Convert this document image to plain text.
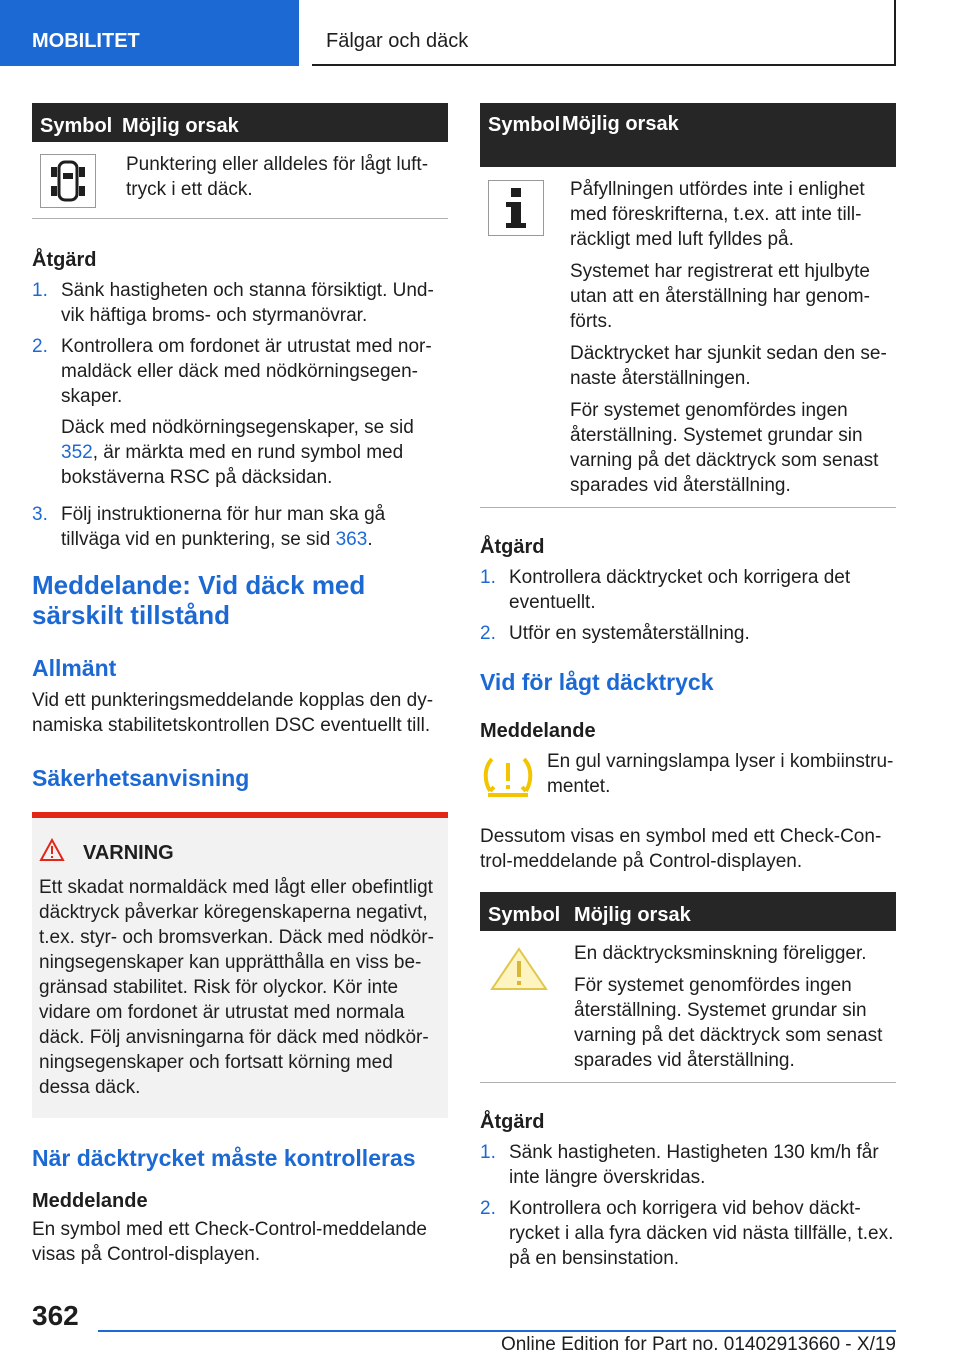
MOBILITET	Fälgar och däck
Symbol Möjlig orsak
Punktering eller alldeles för lågt lufttryck i ett däck.
Åtgärd
1. Sänk hastigheten och stanna försiktigt. Undvik häftiga broms- och styrmanövrar.
2. Kontrollera om fordonet är utrustat med normaldäck eller däck med nödkörningsegenskaper.

Däck med nödkörningsegenskaper, se sid 352, är märkta med en rund symbol med bokstäverna RSC på däcksidan.

3. Följ instruktionerna för hur man ska gå tillväga vid en punktering, se sid 363.
Meddelande: Vid däck med särskilt tillstånd
Allmänt
Vid ett punkteringsmeddelande kopplas den dynamiska stabilitetskontrollen DSC eventuellt till.
Säkerhetsanvisning
VARNING
Ett skadat normaldäck med lågt eller obefintligt däcktryck påverkar köregenskaperna negativt, t.ex. styr- och bromsverkan. Däck med nödkörningsegenskaper kan upprätthålla en viss begränsad stabilitet. Risk för olyckor. Kör inte vidare om fordonet är utrustat med normala däck. Följ anvisningarna för däck med nödkörningsegenskaper och fortsatt körning med dessa däck.
När däcktrycket måste kontrolleras
Meddelande
En symbol med ett Check-Control-meddelande visas på Control-displayen.
Symbol Möjlig orsak

Påfyllningen utfördes inte i enlighet med föreskrifterna, t.ex. att inte tillräckligt med luft fylldes på.

Systemet har registrerat ett hjulbyte utan att en återställning har genomförts.

Däcktrycket har sjunkit sedan den senaste återställningen.

För systemet genomfördes ingen återställning. Systemet grundar sin varning på det däcktryck som senast sparades vid återställning.

Åtgärd
1. Kontrollera däcktrycket och korrigera det eventuellt.
2. Utför en systemåterställning.
Vid för lågt däcktryck
Meddelande
En gul varningslampa lyser i kombiinstrumentet.
Dessutom visas en symbol med ett Check-Control-meddelande på Control-displayen.
Symbol Möjlig orsak

En däcktrycksminskning föreligger.

För systemet genomfördes ingen återställning. Systemet grundar sin varning på det däcktryck som senast sparades vid återställning.

Åtgärd
1. Sänk hastigheten. Hastigheten 130 km/h får inte längre överskridas.
2. Kontrollera och korrigera vid behov däcktrycket i alla fyra däcken vid nästa tillfälle, t.ex. på en bensinstation.
362
Online Edition for Part no. 01402913660 - X/19
